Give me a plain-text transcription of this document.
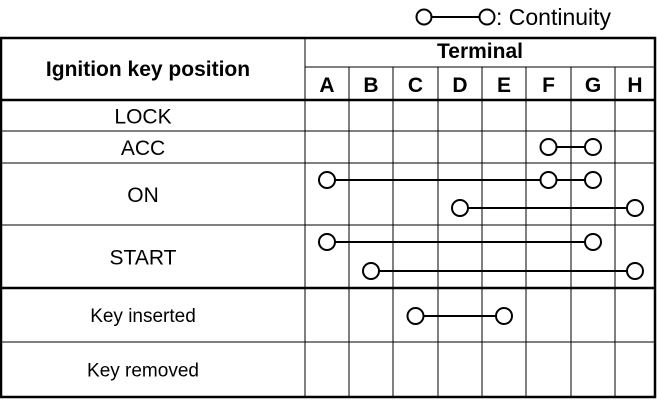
: Continuity
Ignition key position
Terminal
A B C D E F G H
LOCK
ACC
ON
START
Key inserted
Key removed
